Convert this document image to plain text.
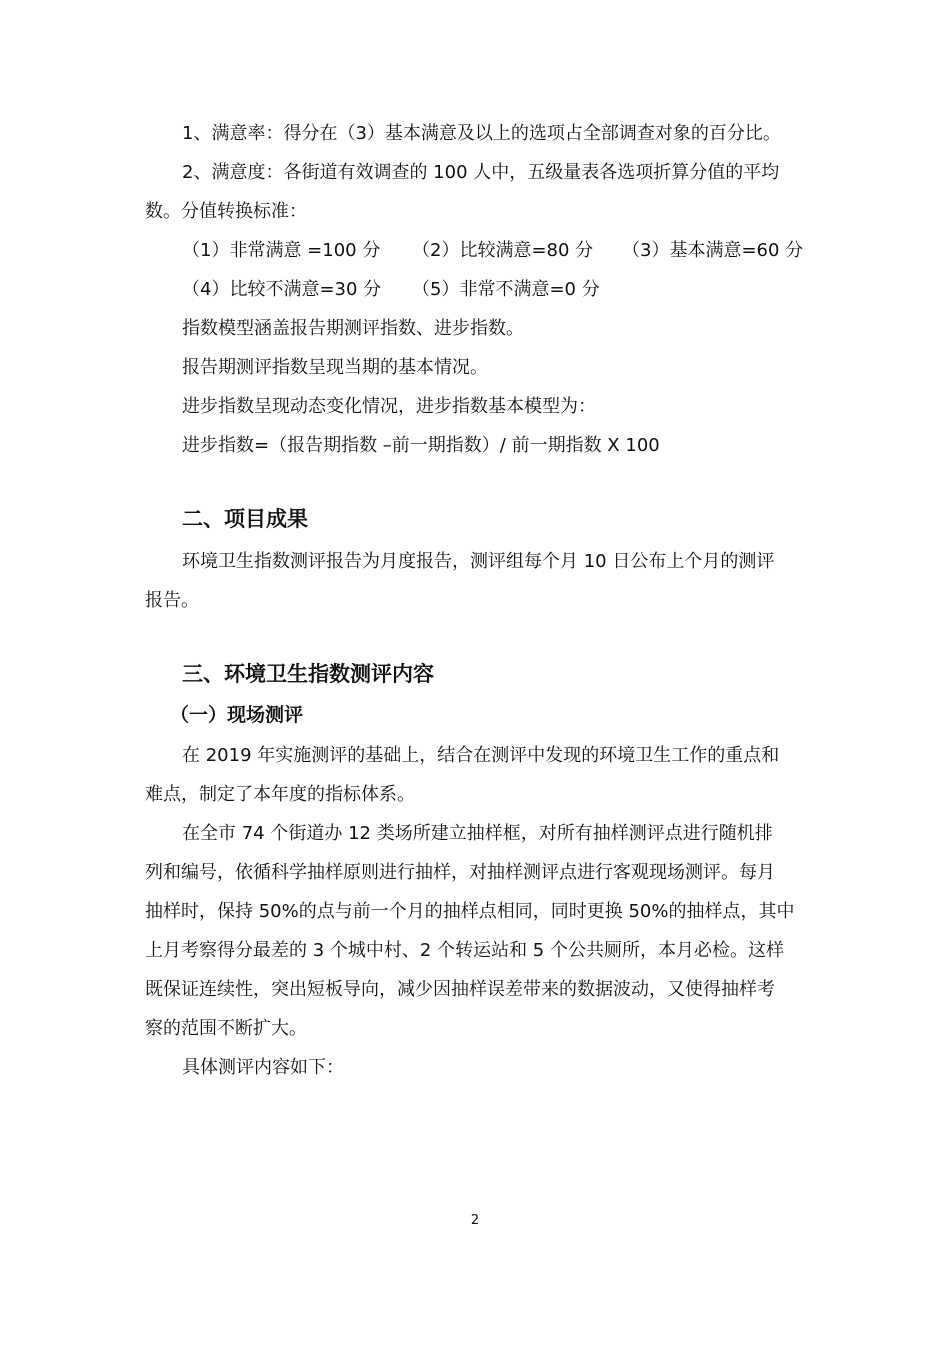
1、满意率：得分在（3）基本满意及以上的选项占全部调查对象的百分比。
2、满意度：各街道有效调查的 100 人中，五级量表各选项折算分值的平均
数。分值转换标准：
（1）非常满意 =100 分 （2）比较满意=80 分 （3）基本满意=60 分
（4）比较不满意=30 分 （5）非常不满意=0 分
指数模型涵盖报告期测评指数、进步指数。
报告期测评指数呈现当期的基本情况。
进步指数呈现动态变化情况，进步指数基本模型为：
进步指数=（报告期指数 –前一期指数）/ 前一期指数 X 100
二、项目成果
环境卫生指数测评报告为月度报告，测评组每个月 10 日公布上个月的测评
报告。
三、环境卫生指数测评内容
（一）现场测评
在 2019 年实施测评的基础上，结合在测评中发现的环境卫生工作的重点和
难点，制定了本年度的指标体系。
在全市 74 个街道办 12 类场所建立抽样框，对所有抽样测评点进行随机排
列和编号，依循科学抽样原则进行抽样，对抽样测评点进行客观现场测评。每月
抽样时，保持 50%的点与前一个月的抽样点相同，同时更换 50%的抽样点，其中
上月考察得分最差的 3 个城中村、2 个转运站和 5 个公共厕所，本月必检。这样
既保证连续性，突出短板导向，减少因抽样误差带来的数据波动，又使得抽样考
察的范围不断扩大。
具体测评内容如下：
2
